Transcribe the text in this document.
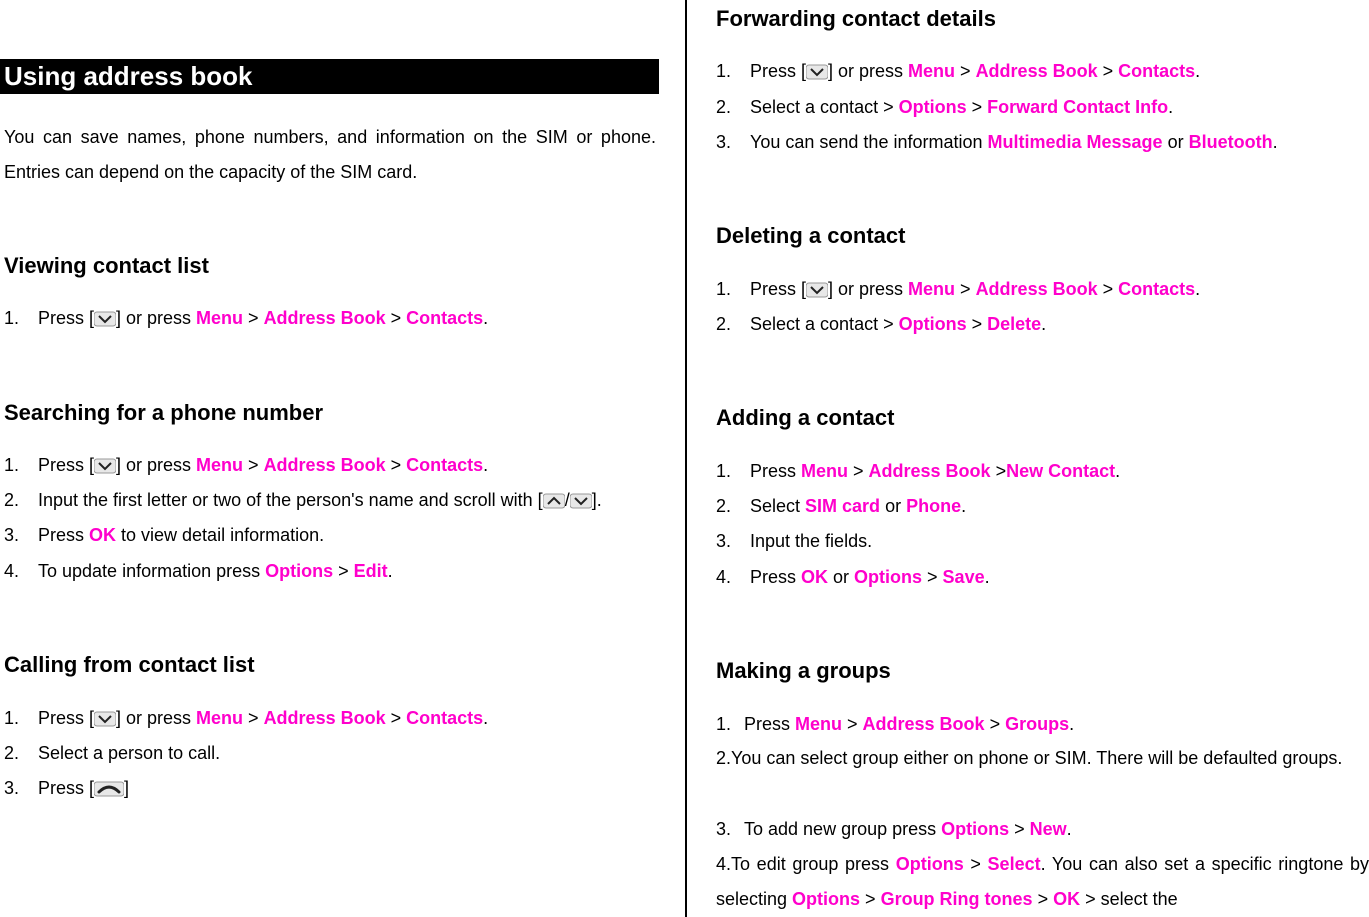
Using address book
You can save names, phone numbers, and information on the SIM or phone. Entries can depend on the capacity of the SIM card.
Viewing contact list
1. Press [ ] or press Menu > Address Book > Contacts.
Searching for a phone number
1. Press [ ] or press Menu > Address Book > Contacts.
2. Input the first letter or two of the person's name and scroll with [ / ].
3. Press OK to view detail information.
4. To update information press Options > Edit.
Calling from contact list
1. Press [ ] or press Menu > Address Book > Contacts.
2. Select a person to call.
3. Press [ ]
Forwarding contact details
1. Press [ ] or press Menu > Address Book > Contacts.
2. Select a contact > Options > Forward Contact Info.
3. You can send the information Multimedia Message or Bluetooth.
Deleting a contact
1. Press [ ] or press Menu > Address Book > Contacts.
2. Select a contact > Options > Delete.
Adding a contact
1. Press Menu > Address Book >New Contact.
2. Select SIM card or Phone.
3. Input the fields.
4. Press OK or Options > Save.
Making a groups
1. Press Menu > Address Book > Groups.
2.You can select group either on phone or SIM. There will be defaulted groups.
3. To add new group press Options > New.
4.To edit group press Options > Select. You can also set a specific ringtone by selecting Options > Group Ring tones > OK > select the
